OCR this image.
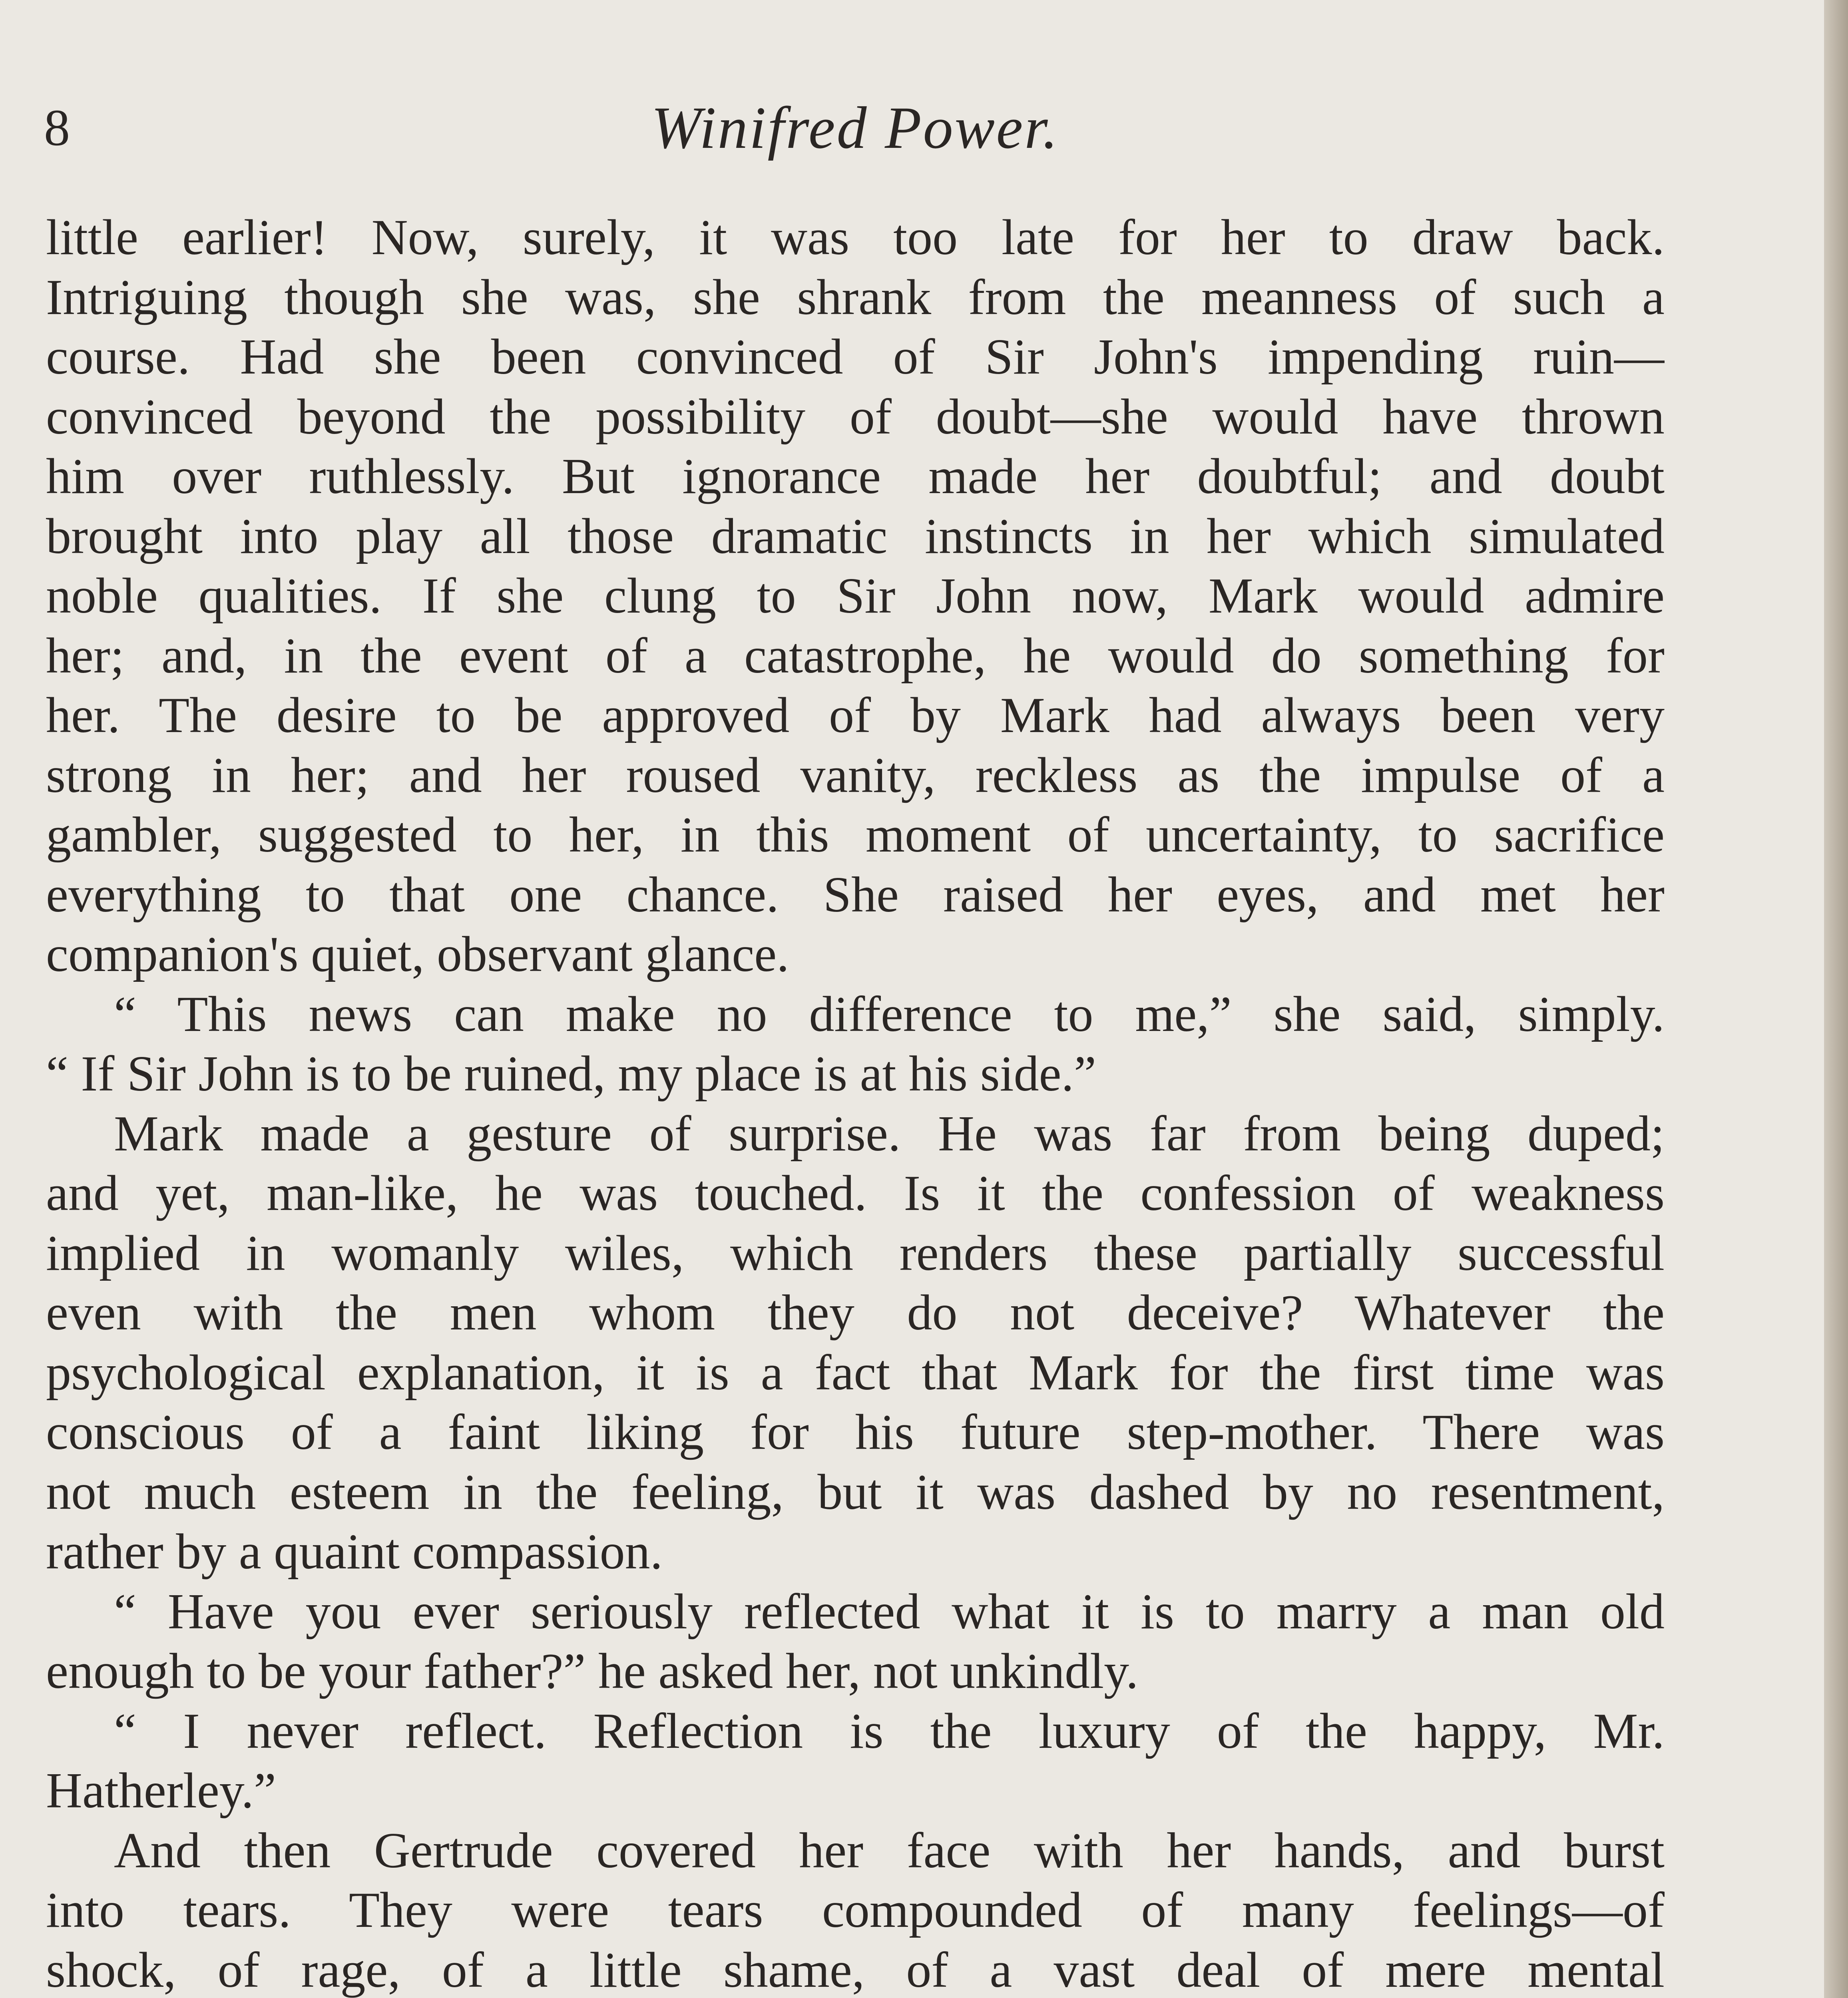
8	Winifred Power.
little earlier! Now, surely, it was too late for her to draw back.
Intriguing though she was, she shrank from the meanness of such a
course. Had she been convinced of Sir John's impending ruin—
convinced beyond the possibility of doubt—she would have thrown
him over ruthlessly. But ignorance made her doubtful; and doubt
brought into play all those dramatic instincts in her which simulated
noble qualities. If she clung to Sir John now, Mark would admire
her; and, in the event of a catastrophe, he would do something for
her. The desire to be approved of by Mark had always been very
strong in her; and her roused vanity, reckless as the impulse of a
gambler, suggested to her, in this moment of uncertainty, to sacrifice
everything to that one chance. She raised her eyes, and met her
companion's quiet, observant glance.
“ This news can make no difference to me,” she said, simply.
“ If Sir John is to be ruined, my place is at his side.”
Mark made a gesture of surprise. He was far from being duped;
and yet, man-like, he was touched. Is it the confession of weakness
implied in womanly wiles, which renders these partially successful
even with the men whom they do not deceive? Whatever the
psychological explanation, it is a fact that Mark for the first time was
conscious of a faint liking for his future step-mother. There was
not much esteem in the feeling, but it was dashed by no resentment,
rather by a quaint compassion.
“ Have you ever seriously reflected what it is to marry a man old
enough to be your father?” he asked her, not unkindly.
“ I never reflect. Reflection is the luxury of the happy, Mr.
Hatherley.”
And then Gertrude covered her face with her hands, and burst
into tears. They were tears compounded of many feelings—of
shock, of rage, of a little shame, of a vast deal of mere mental
